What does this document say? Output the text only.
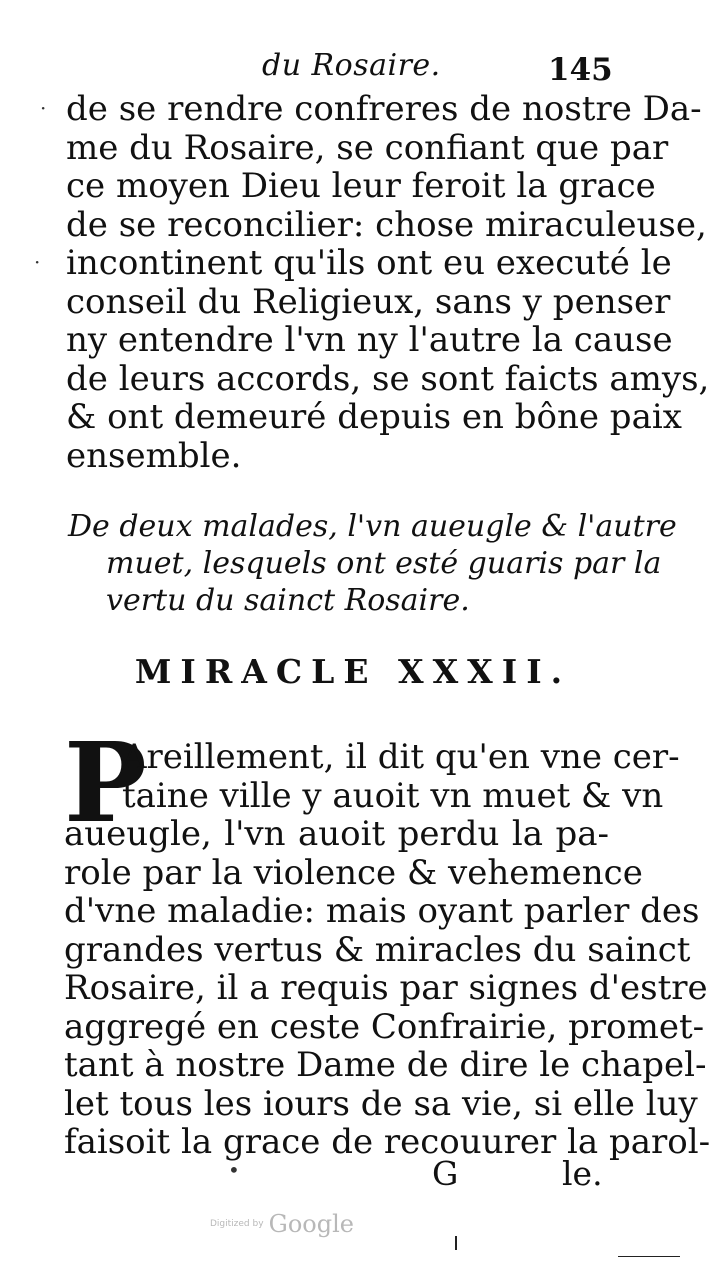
du Rosaire.	145
de se rendre confreres de nostre Da-
me du Rosaire, se confiant que par
ce moyen Dieu leur feroit la grace
de se reconcilier: chose miraculeuse,
incontinent qu'ils ont eu executé le
conseil du Religieux, sans y penser
ny entendre l'vn ny l'autre la cause
de leurs accords, se sont faicts amys,
& ont demeuré depuis en bône paix
ensemble.
De deux malades, l'vn aueugle & l'autre
muet, lesquels ont esté guaris par la
vertu du sainct Rosaire.
MIRACLE XXXII.
P
Areillement, il dit qu'en vne cer-
taine ville y auoit vn muet & vn
aueugle, l'vn auoit perdu la pa-
role par la violence & vehemence
d'vne maladie: mais oyant parler des
grandes vertus & miracles du sainct
Rosaire, il a requis par signes d'estre
aggregé en ceste Confrairie, promet-
tant à nostre Dame de dire le chapel-
let tous les iours de sa vie, si elle luy
faisoit la grace de recouurer la parol-
G	le.
·
·
•
Digitized by Google
